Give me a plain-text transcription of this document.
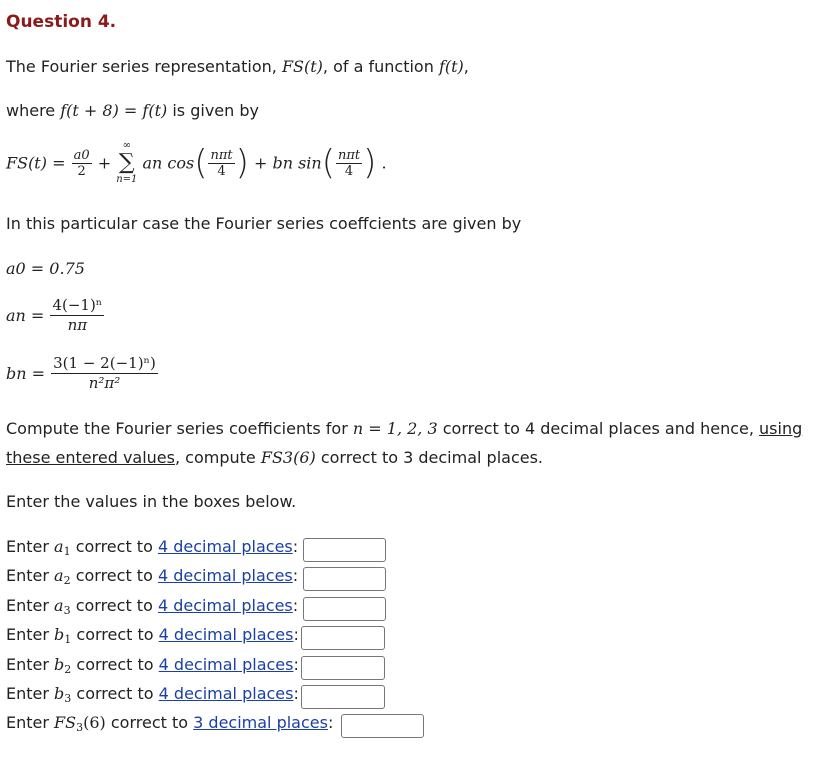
Question 4.
The Fourier series representation, FS(t), of a function f(t),
where f(t + 8) = f(t) is given by
$FS(t) = \frac{a0}{2}$ +
∞
∑
n=1
an $\cos( \frac{\text{nπt}}{4}$ ) + bn $\sin( \frac{\text{nπt}}{4}$ ) .
In this particular case the Fourier series coeffcients are given by
a0 = 0.75
an = $\frac{\text{4(−1)ⁿ}}{n\pi}$
bn = $\frac{\text{3(1 − 2(−1)ⁿ)}}{\text{n²π²}}$
Compute the Fourier series coefficients for n = 1, 2, 3 correct to 4 decimal places and hence, using
these entered values, compute FS3(6) correct to 3 decimal places.
Enter the values in the boxes below.
Enter $a_1$ correct to 4 decimal places:
Enter $a_2$ correct to 4 decimal places:
Enter $a_3$ correct to 4 decimal places:
Enter $b_1$ correct to 4 decimal places:
Enter $b_2$ correct to 4 decimal places:
Enter $b_3$ correct to 4 decimal places:
Enter $FS_3(6)$ correct to 3 decimal places:
